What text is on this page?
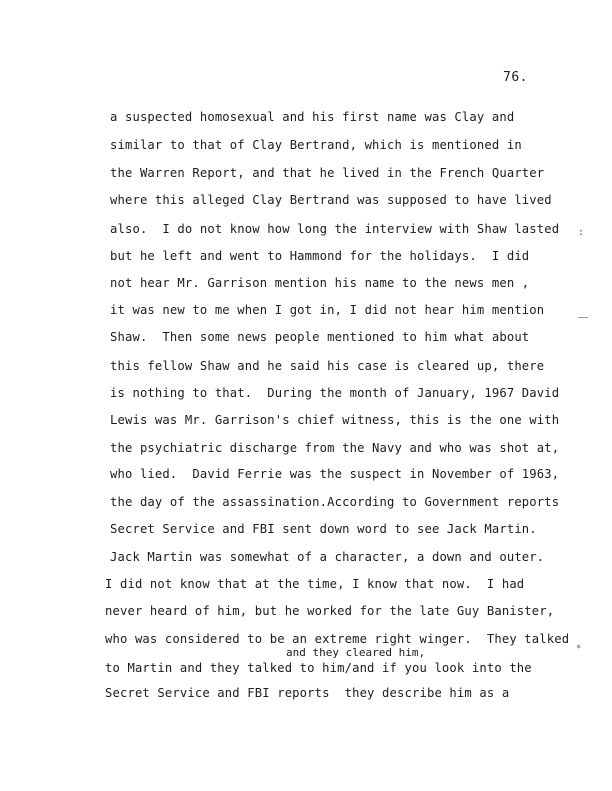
76.
a suspected homosexual and his first name was Clay and
similar to that of Clay Bertrand, which is mentioned in
the Warren Report, and that he lived in the French Quarter
where this alleged Clay Bertrand was supposed to have lived
also.  I do not know how long the interview with Shaw lasted
but he left and went to Hammond for the holidays.  I did
not hear Mr. Garrison mention his name to the news men ,
it was new to me when I got in, I did not hear him mention
Shaw.  Then some news people mentioned to him what about
this fellow Shaw and he said his case is cleared up, there
is nothing to that.  During the month of January, 1967 David
Lewis was Mr. Garrison's chief witness, this is the one with
the psychiatric discharge from the Navy and who was shot at,
who lied.  David Ferrie was the suspect in November of 1963,
the day of the assassination.According to Government reports
Secret Service and FBI sent down word to see Jack Martin.
Jack Martin was somewhat of a character, a down and outer.
I did not know that at the time, I know that now.  I had
never heard of him, but he worked for the late Guy Banister,
who was considered to be an extreme right winger.  They talked
and they cleared him,
to Martin and they talked to him/and if you look into the
Secret Service and FBI reports  they describe him as a
:
*
